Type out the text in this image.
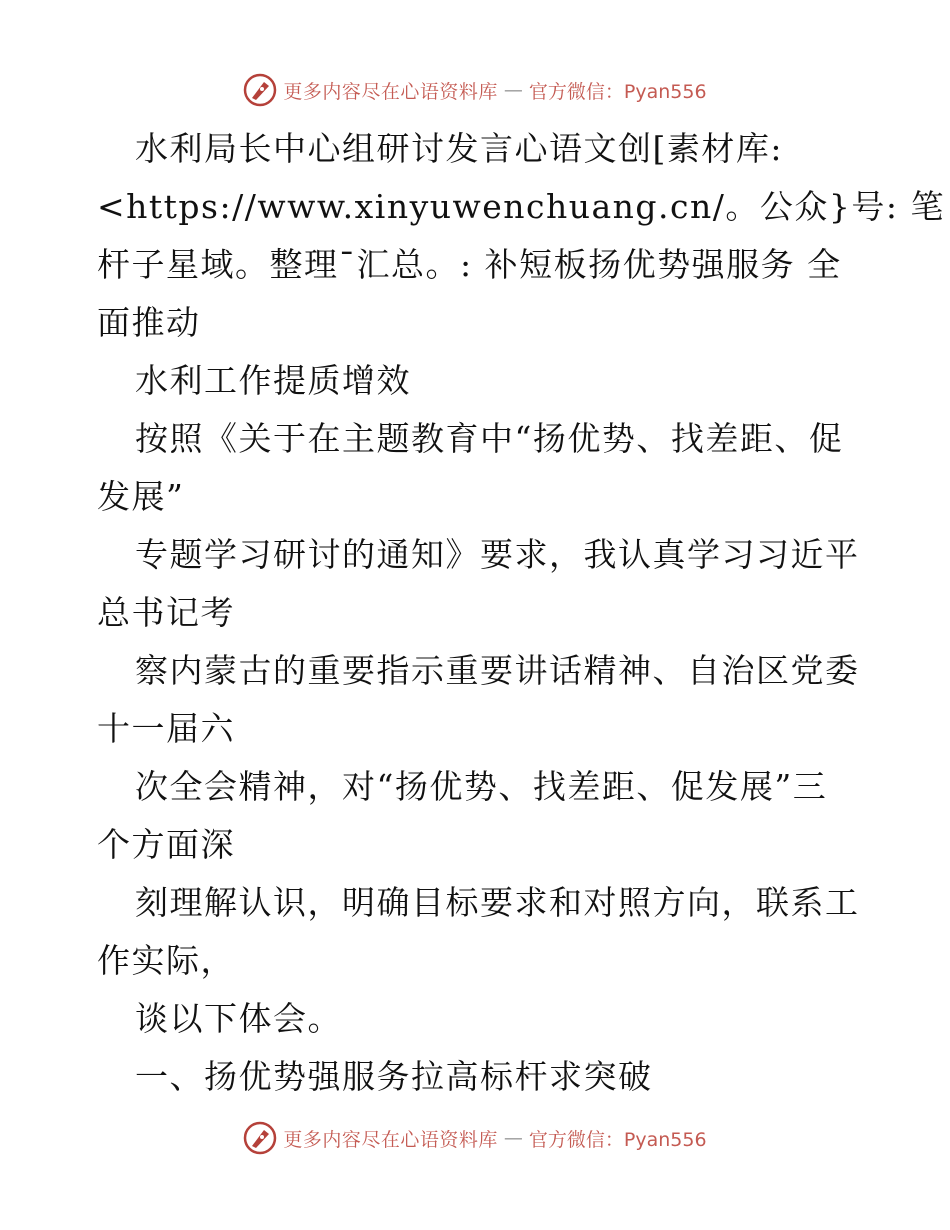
更多内容尽在心语资料库 — 官方微信：Pyan556
水利局长中心组研讨发言心语文创[素材库:
<https://www.xinyuwenchuang.cn/。公众}号: 笔
杆子星域。整理¯汇总。: 补短板扬优势强服务 全
面推动
水利工作提质增效
按照《关于在主题教育中“扬优势、找差距、促
发展”
专题学习研讨的通知》要求，我认真学习习近平
总书记考
察内蒙古的重要指示重要讲话精神、自治区党委
十一届六
次全会精神，对“扬优势、找差距、促发展”三
个方面深
刻理解认识，明确目标要求和对照方向，联系工
作实际，
谈以下体会。
一、扬优势强服务拉高标杆求突破
更多内容尽在心语资料库 — 官方微信：Pyan556
